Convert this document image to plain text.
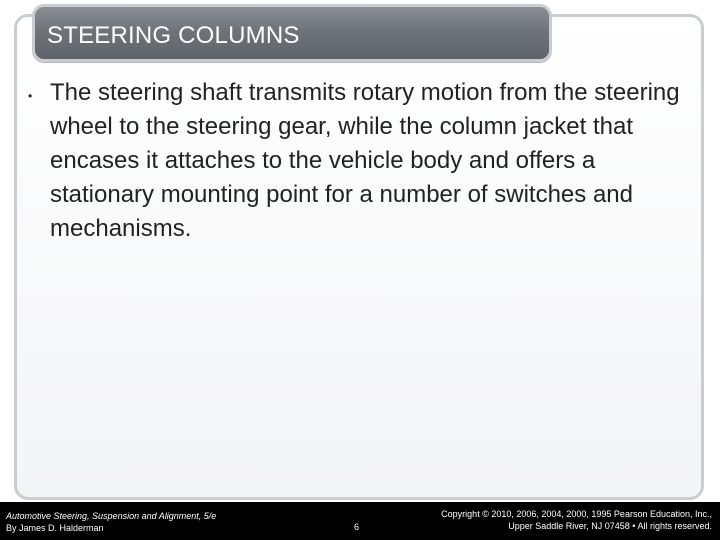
STEERING COLUMNS
• The steering shaft transmits rotary motion from the steering wheel to the steering gear, while the column jacket that encases it attaches to the vehicle body and offers a stationary mounting point for a number of switches and mechanisms.
Automotive Steering, Suspension and Alignment, 5/e
By James D. Halderman	6
Copyright © 2010, 2006, 2004, 2000, 1995 Pearson Education, Inc.,
Upper Saddle River, NJ 07458 • All rights reserved.
